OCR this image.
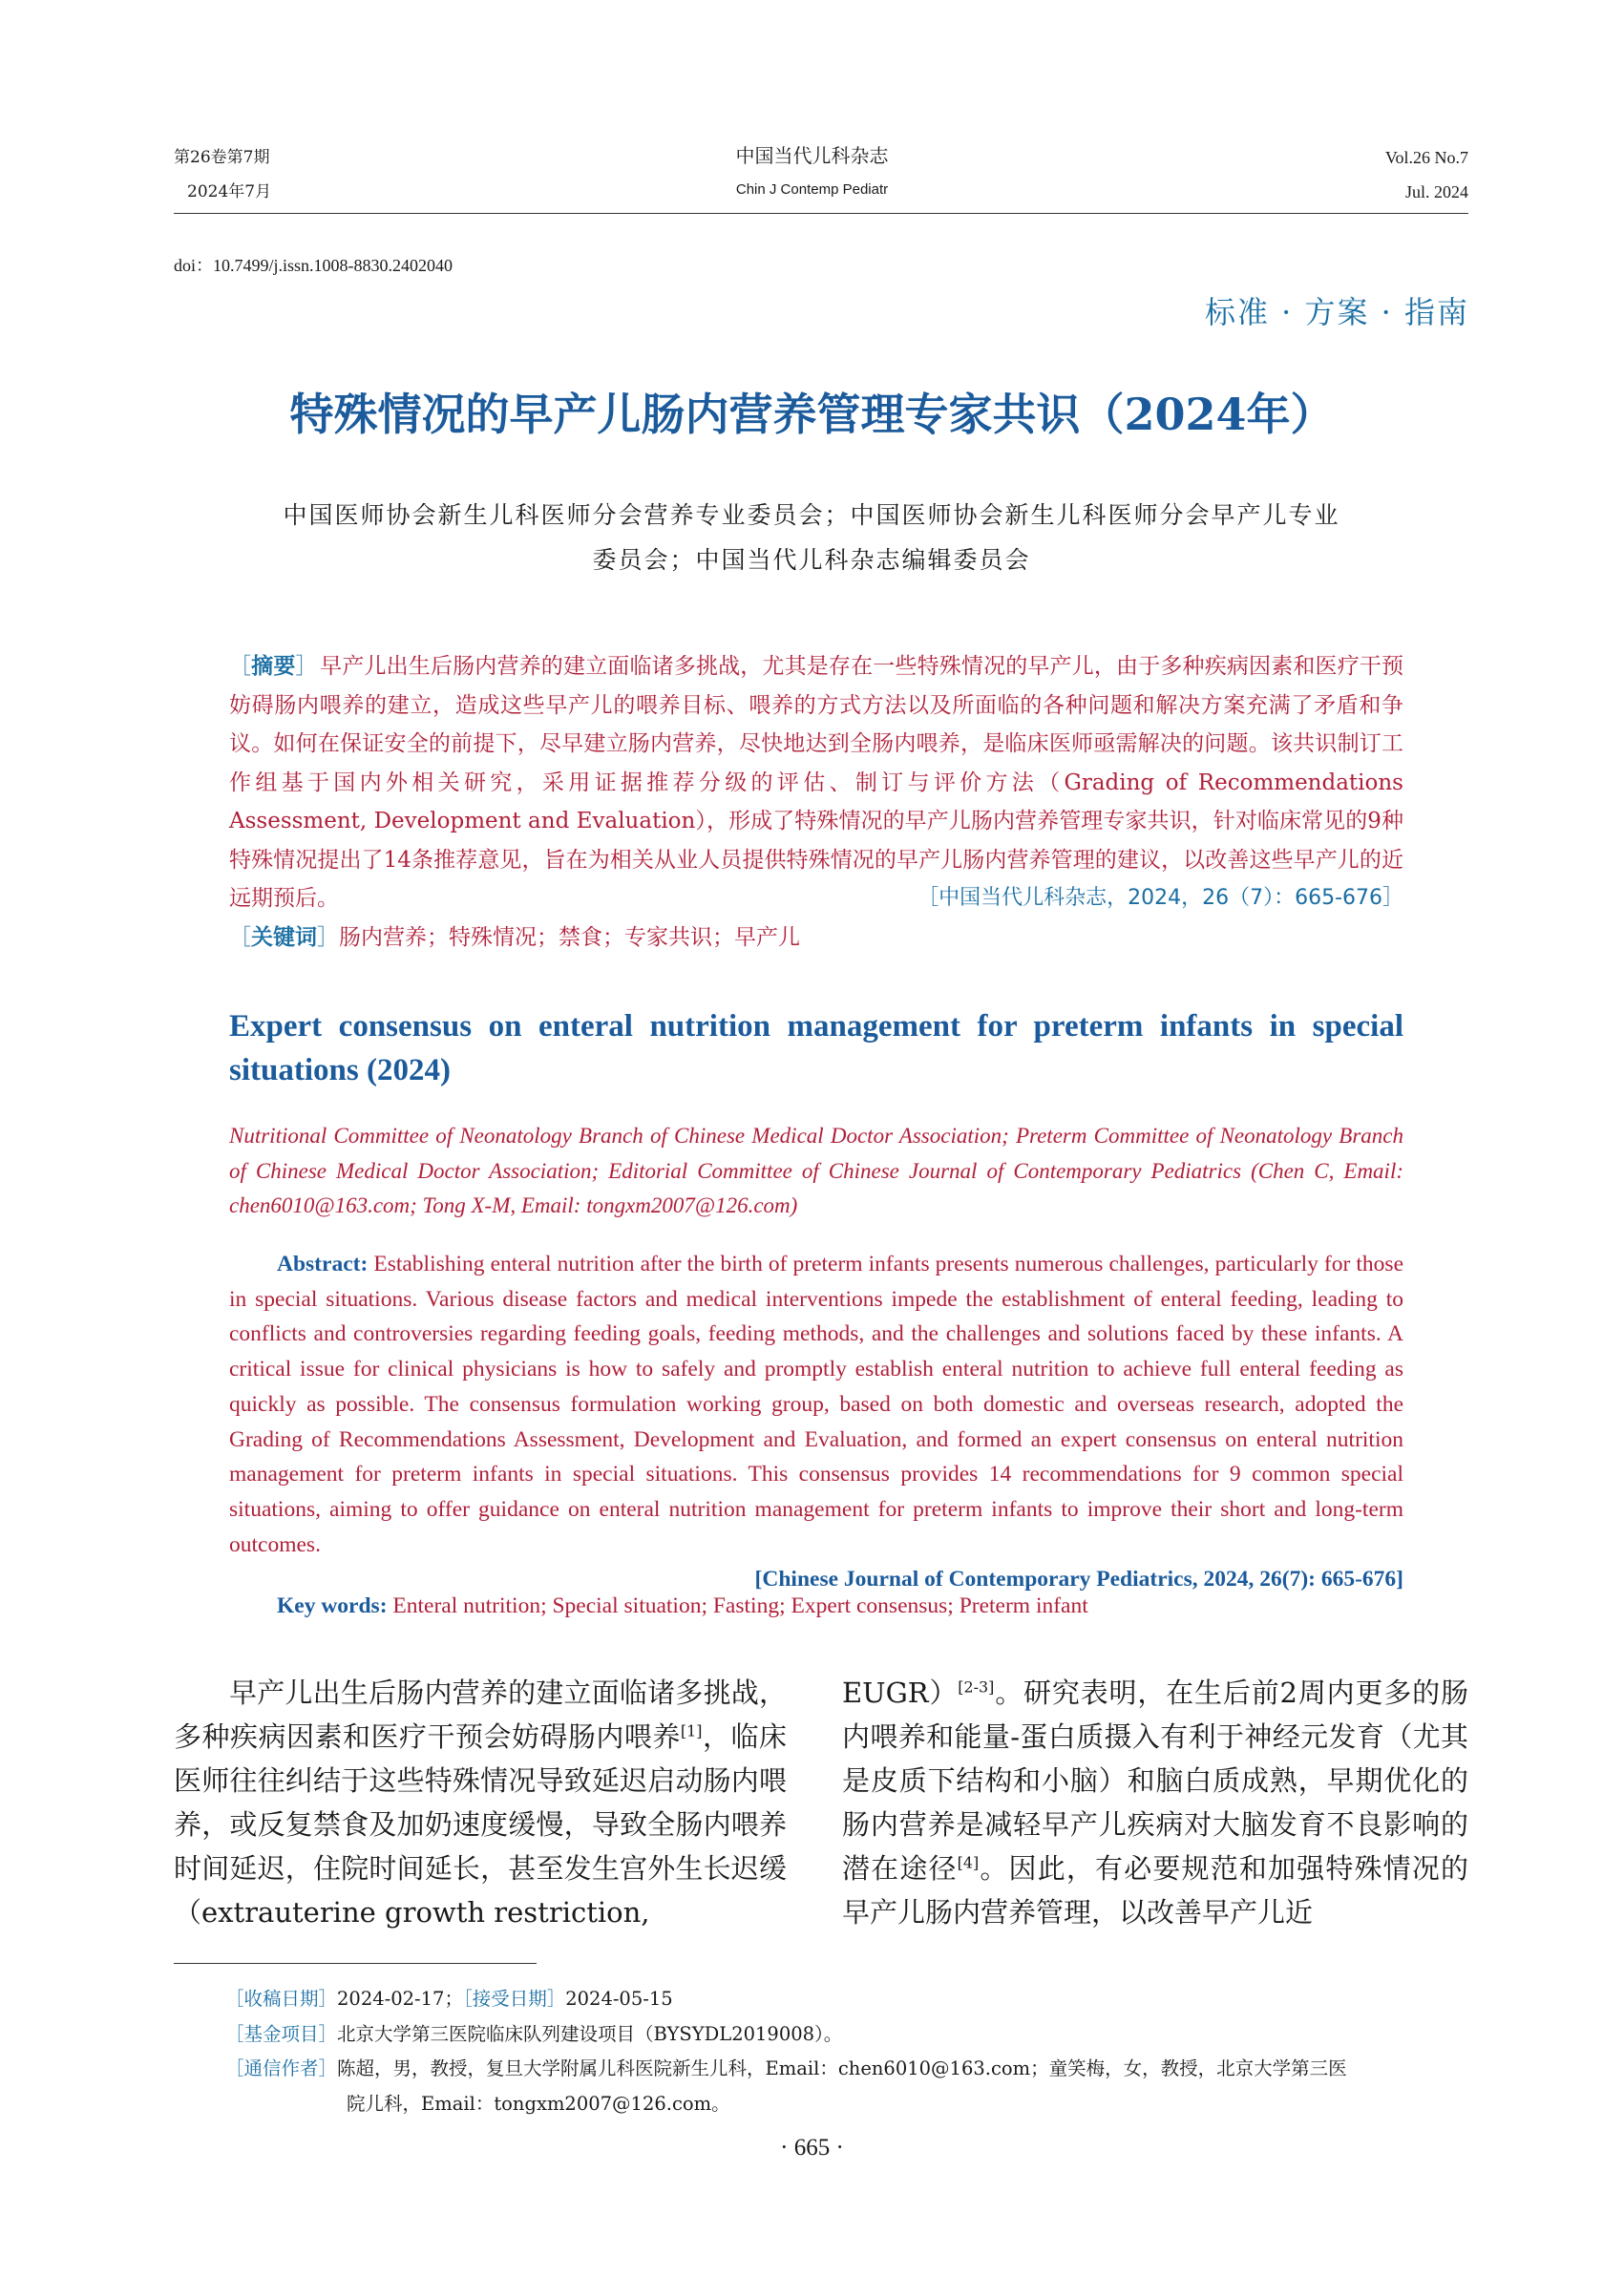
第26卷第7期
2024年7月
中国当代儿科杂志
Chin J Contemp Pediatr
Vol.26 No.7
Jul. 2024
doi：10.7499/j.issn.1008-8830.2402040
标准 · 方案 · 指南
特殊情况的早产儿肠内营养管理专家共识（2024年）
中国医师协会新生儿科医师分会营养专业委员会；中国医师协会新生儿科医师分会早产儿专业
委员会；中国当代儿科杂志编辑委员会
［摘要］ 早产儿出生后肠内营养的建立面临诸多挑战，尤其是存在一些特殊情况的早产儿，由于多种疾病因素和医疗干预妨碍肠内喂养的建立，造成这些早产儿的喂养目标、喂养的方式方法以及所面临的各种问题和解决方案充满了矛盾和争议。如何在保证安全的前提下，尽早建立肠内营养，尽快地达到全肠内喂养，是临床医师亟需解决的问题。该共识制订工作组基于国内外相关研究，采用证据推荐分级的评估、制订与评价方法（Grading of Recommendations Assessment, Development and Evaluation），形成了特殊情况的早产儿肠内营养管理专家共识，针对临床常见的9种特殊情况提出了14条推荐意见，旨在为相关从业人员提供特殊情况的早产儿肠内营养管理的建议，以改善这些早产儿的近远期预后。	［中国当代儿科杂志，2024，26（7）：665-676］
［关键词］肠内营养；特殊情况；禁食；专家共识；早产儿
Expert consensus on enteral nutrition management for preterm infants in special situations (2024)
Nutritional Committee of Neonatology Branch of Chinese Medical Doctor Association; Preterm Committee of Neonatology Branch of Chinese Medical Doctor Association; Editorial Committee of Chinese Journal of Contemporary Pediatrics (Chen C, Email: chen6010@163.com; Tong X-M, Email: tongxm2007@126.com)
Abstract: Establishing enteral nutrition after the birth of preterm infants presents numerous challenges, particularly for those in special situations. Various disease factors and medical interventions impede the establishment of enteral feeding, leading to conflicts and controversies regarding feeding goals, feeding methods, and the challenges and solutions faced by these infants. A critical issue for clinical physicians is how to safely and promptly establish enteral nutrition to achieve full enteral feeding as quickly as possible. The consensus formulation working group, based on both domestic and overseas research, adopted the Grading of Recommendations Assessment, Development and Evaluation, and formed an expert consensus on enteral nutrition management for preterm infants in special situations. This consensus provides 14 recommendations for 9 common special situations, aiming to offer guidance on enteral nutrition management for preterm infants to improve their short and long-term outcomes.
[Chinese Journal of Contemporary Pediatrics, 2024, 26(7): 665-676]
Key words: Enteral nutrition; Special situation; Fasting; Expert consensus; Preterm infant
早产儿出生后肠内营养的建立面临诸多挑战，多种疾病因素和医疗干预会妨碍肠内喂养[1]，临床医师往往纠结于这些特殊情况导致延迟启动肠内喂养，或反复禁食及加奶速度缓慢，导致全肠内喂养时间延迟，住院时间延长，甚至发生宫外生长迟缓（extrauterine growth restriction,
EUGR）[2-3]。研究表明，在生后前2周内更多的肠内喂养和能量-蛋白质摄入有利于神经元发育（尤其是皮质下结构和小脑）和脑白质成熟，早期优化的肠内营养是减轻早产儿疾病对大脑发育不良影响的潜在途径[4]。因此，有必要规范和加强特殊情况的早产儿肠内营养管理，以改善早产儿近
［收稿日期］2024-02-17；［接受日期］2024-05-15
［基金项目］北京大学第三医院临床队列建设项目（BYSYDL2019008）。
［通信作者］陈超，男，教授，复旦大学附属儿科医院新生儿科，Email：chen6010@163.com；童笑梅，女，教授，北京大学第三医
院儿科，Email：tongxm2007@126.com。
· 665 ·
